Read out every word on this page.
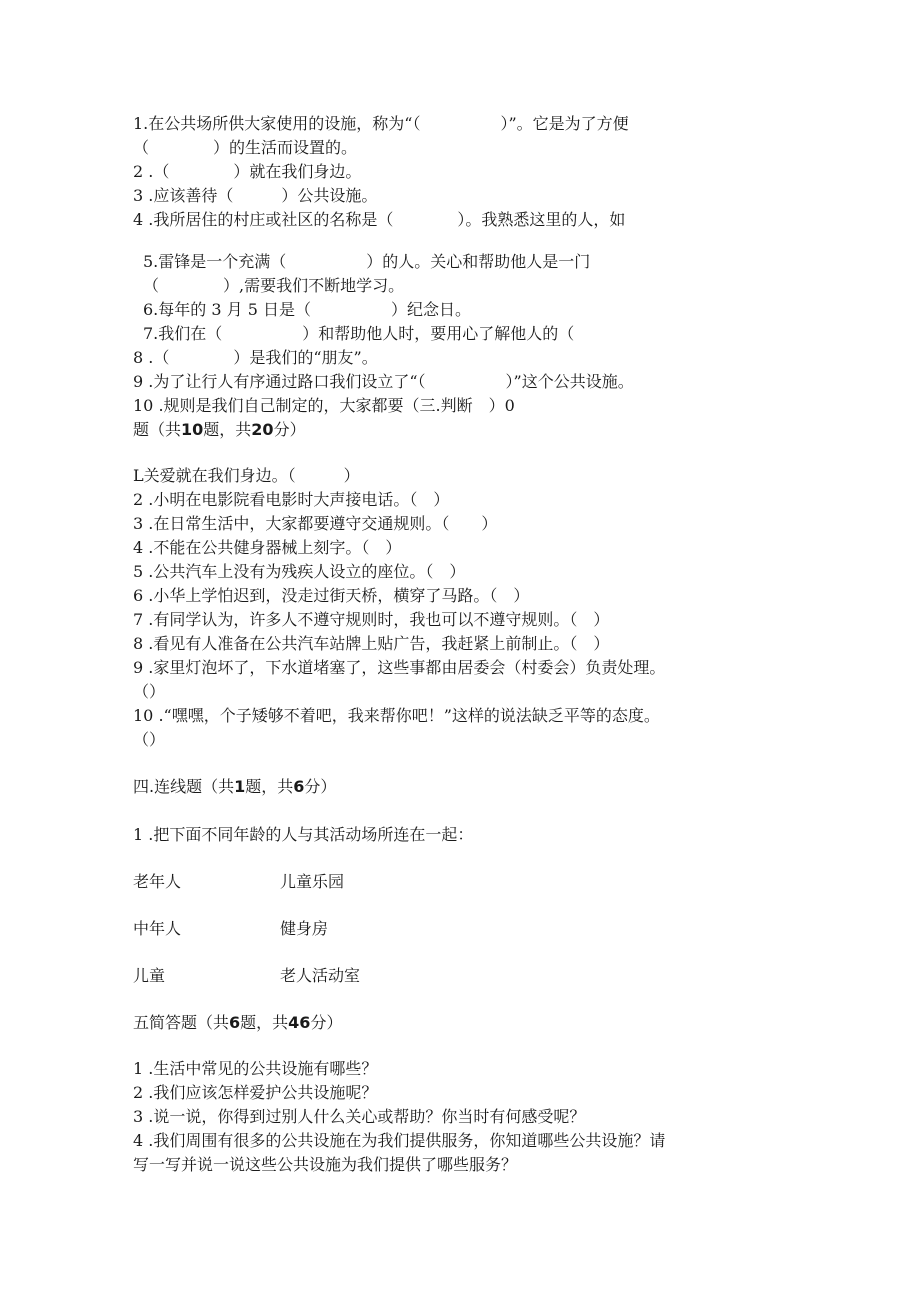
1.在公共场所供大家使用的设施，称为“（　　　　　）”。它是为了方便
（　　　　）的生活而设置的。
2 .（　　　　）就在我们身边。
3 .应该善待（　　　）公共设施。
4 .我所居住的村庄或社区的名称是（　　　　）。我熟悉这里的人，如
5.雷锋是一个充满（　　　　　）的人。关心和帮助他人是一门
（　　　　）,需要我们不断地学习。
6.每年的 3 月 5 日是（　　　　　）纪念日。
7.我们在（　　　　　）和帮助他人时，要用心了解他人的（
8 .（　　　　）是我们的“朋友”。
9 .为了让行人有序通过路口我们设立了“（　　　　　）”这个公共设施。
10 .规则是我们自己制定的，大家都要（三.判断　）0
题（共10题，共20分）
L关爱就在我们身边。（　　　）
2 .小明在电影院看电影时大声接电话。（　）
3 .在日常生活中，大家都要遵守交通规则。（　　）
4 .不能在公共健身器械上刻字。（　）
5 .公共汽车上没有为残疾人设立的座位。（　）
6 .小华上学怕迟到，没走过街天桥，横穿了马路。（　）
7 .有同学认为，许多人不遵守规则时，我也可以不遵守规则。（　）
8 .看见有人准备在公共汽车站牌上贴广告，我赶紧上前制止。（　）
9 .家里灯泡坏了，下水道堵塞了，这些事都由居委会（村委会）负责处理。
（）
10 .“嘿嘿，个子矮够不着吧，我来帮你吧！”这样的说法缺乏平等的态度。
（）
四.连线题（共1题，共6分）
1 .把下面不同年龄的人与其活动场所连在一起：
老年人	儿童乐园
中年人	健身房
儿童	老人活动室
五简答题（共6题，共46分）
1 .生活中常见的公共设施有哪些？
2 .我们应该怎样爱护公共设施呢？
3 .说一说，你得到过别人什么关心或帮助？你当时有何感受呢？
4 .我们周围有很多的公共设施在为我们提供服务，你知道哪些公共设施？请
写一写并说一说这些公共设施为我们提供了哪些服务？
